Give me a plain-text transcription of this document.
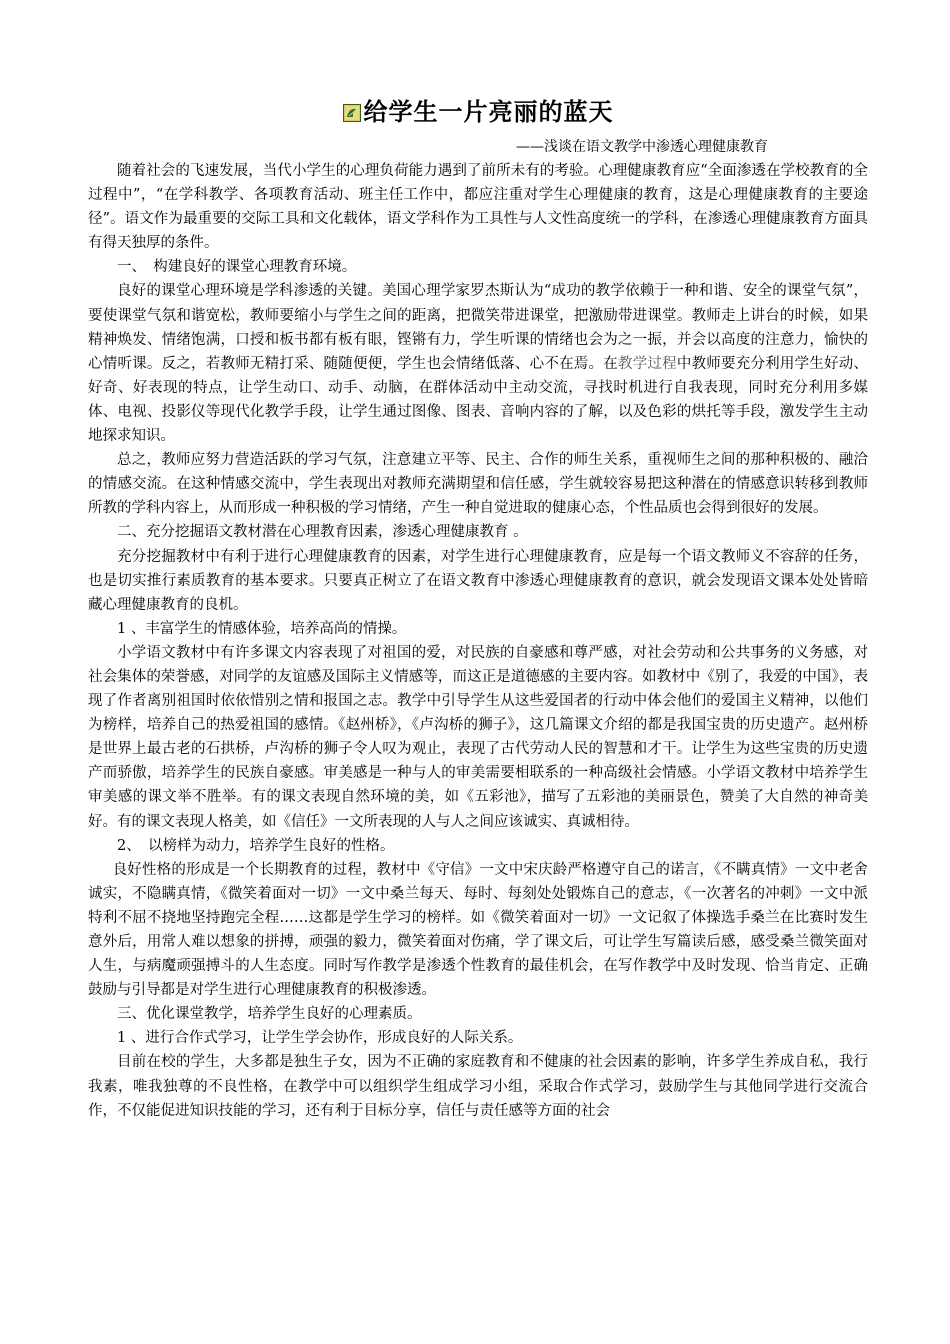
给学生一片亮丽的蓝天
——浅谈在语文教学中渗透心理健康教育

随着社会的飞速发展，当代小学生的心理负荷能力遇到了前所未有的考验。心理健康教育应“全面渗透在学校教育的全过程中”，“在学科教学、各项教育活动、班主任工作中，都应注重对学生心理健康的教育，这是心理健康教育的主要途径”。语文作为最重要的交际工具和文化载体，语文学科作为工具性与人文性高度统一的学科，在渗透心理健康教育方面具有得天独厚的条件。

一、　构建良好的课堂心理教育环境。

良好的课堂心理环境是学科渗透的关键。美国心理学家罗杰斯认为“成功的教学依赖于一种和谐、安全的课堂气氛”，要使课堂气氛和谐宽松，教师要缩小与学生之间的距离，把微笑带进课堂，把激励带进课堂。教师走上讲台的时候，如果精神焕发、情绪饱满，口授和板书都有板有眼，铿锵有力，学生听课的情绪也会为之一振，并会以高度的注意力，愉快的心情听课。反之，若教师无精打采、随随便便，学生也会情绪低落、心不在焉。在教学过程中教师要充分利用学生好动、好奇、好表现的特点，让学生动口、动手、动脑，在群体活动中主动交流，寻找时机进行自我表现，同时充分利用多媒体、电视、投影仪等现代化教学手段，让学生通过图像、图表、音响内容的了解，以及色彩的烘托等手段，激发学生主动地探求知识。

总之，教师应努力营造活跃的学习气氛，注意建立平等、民主、合作的师生关系，重视师生之间的那种积极的、融洽的情感交流。在这种情感交流中，学生表现出对教师充满期望和信任感，学生就较容易把这种潜在的情感意识转移到教师所教的学科内容上，从而形成一种积极的学习情绪，产生一种自觉进取的健康心态，个性品质也会得到很好的发展。

二、充分挖掘语文教材潜在心理教育因素，渗透心理健康教育 。

充分挖掘教材中有利于进行心理健康教育的因素，对学生进行心理健康教育，应是每一个语文教师义不容辞的任务，也是切实推行素质教育的基本要求。只要真正树立了在语文教育中渗透心理健康教育的意识，就会发现语文课本处处皆暗藏心理健康教育的良机。

1 、丰富学生的情感体验，培养高尚的情操。

小学语文教材中有许多课文内容表现了对祖国的爱，对民族的自豪感和尊严感，对社会劳动和公共事务的义务感，对社会集体的荣誉感，对同学的友谊感及国际主义情感等，而这正是道德感的主要内容。如教材中《别了，我爱的中国》，表现了作者离别祖国时依依惜别之情和报国之志。教学中引导学生从这些爱国者的行动中体会他们的爱国主义精神，以他们为榜样，培养自己的热爱祖国的感情。《赵州桥》，《卢沟桥的狮子》，这几篇课文介绍的都是我国宝贵的历史遗产。赵州桥是世界上最古老的石拱桥，卢沟桥的狮子令人叹为观止，表现了古代劳动人民的智慧和才干。让学生为这些宝贵的历史遗产而骄傲，培养学生的民族自豪感。审美感是一种与人的审美需要相联系的一种高级社会情感。小学语文教材中培养学生审美感的课文举不胜举。有的课文表现自然环境的美，如《五彩池》，描写了五彩池的美丽景色，赞美了大自然的神奇美好。有的课文表现人格美，如《信任》一文所表现的人与人之间应该诚实、真诚相待。

2、　以榜样为动力，培养学生良好的性格。

良好性格的形成是一个长期教育的过程，教材中《守信》一文中宋庆龄严格遵守自己的诺言，《不瞒真情》一文中老舍诚实，不隐瞒真情，《微笑着面对一切》一文中桑兰每天、每时、每刻处处锻炼自己的意志，《一次著名的冲刺》一文中派特利不屈不挠地坚持跑完全程……这都是学生学习的榜样。如《微笑着面对一切》一文记叙了体操选手桑兰在比赛时发生意外后，用常人难以想象的拼搏，顽强的毅力，微笑着面对伤痛，学了课文后，可让学生写篇读后感，感受桑兰微笑面对人生，与病魔顽强搏斗的人生态度。同时写作教学是渗透个性教育的最佳机会，在写作教学中及时发现、恰当肯定、正确鼓励与引导都是对学生进行心理健康教育的积极渗透。

三、优化课堂教学，培养学生良好的心理素质。

1 、进行合作式学习，让学生学会协作，形成良好的人际关系。

目前在校的学生，大多都是独生子女，因为不正确的家庭教育和不健康的社会因素的影响，许多学生养成自私，我行我素，唯我独尊的不良性格，在教学中可以组织学生组成学习小组，采取合作式学习，鼓励学生与其他同学进行交流合作，不仅能促进知识技能的学习，还有利于目标分享，信任与责任感等方面的社会
